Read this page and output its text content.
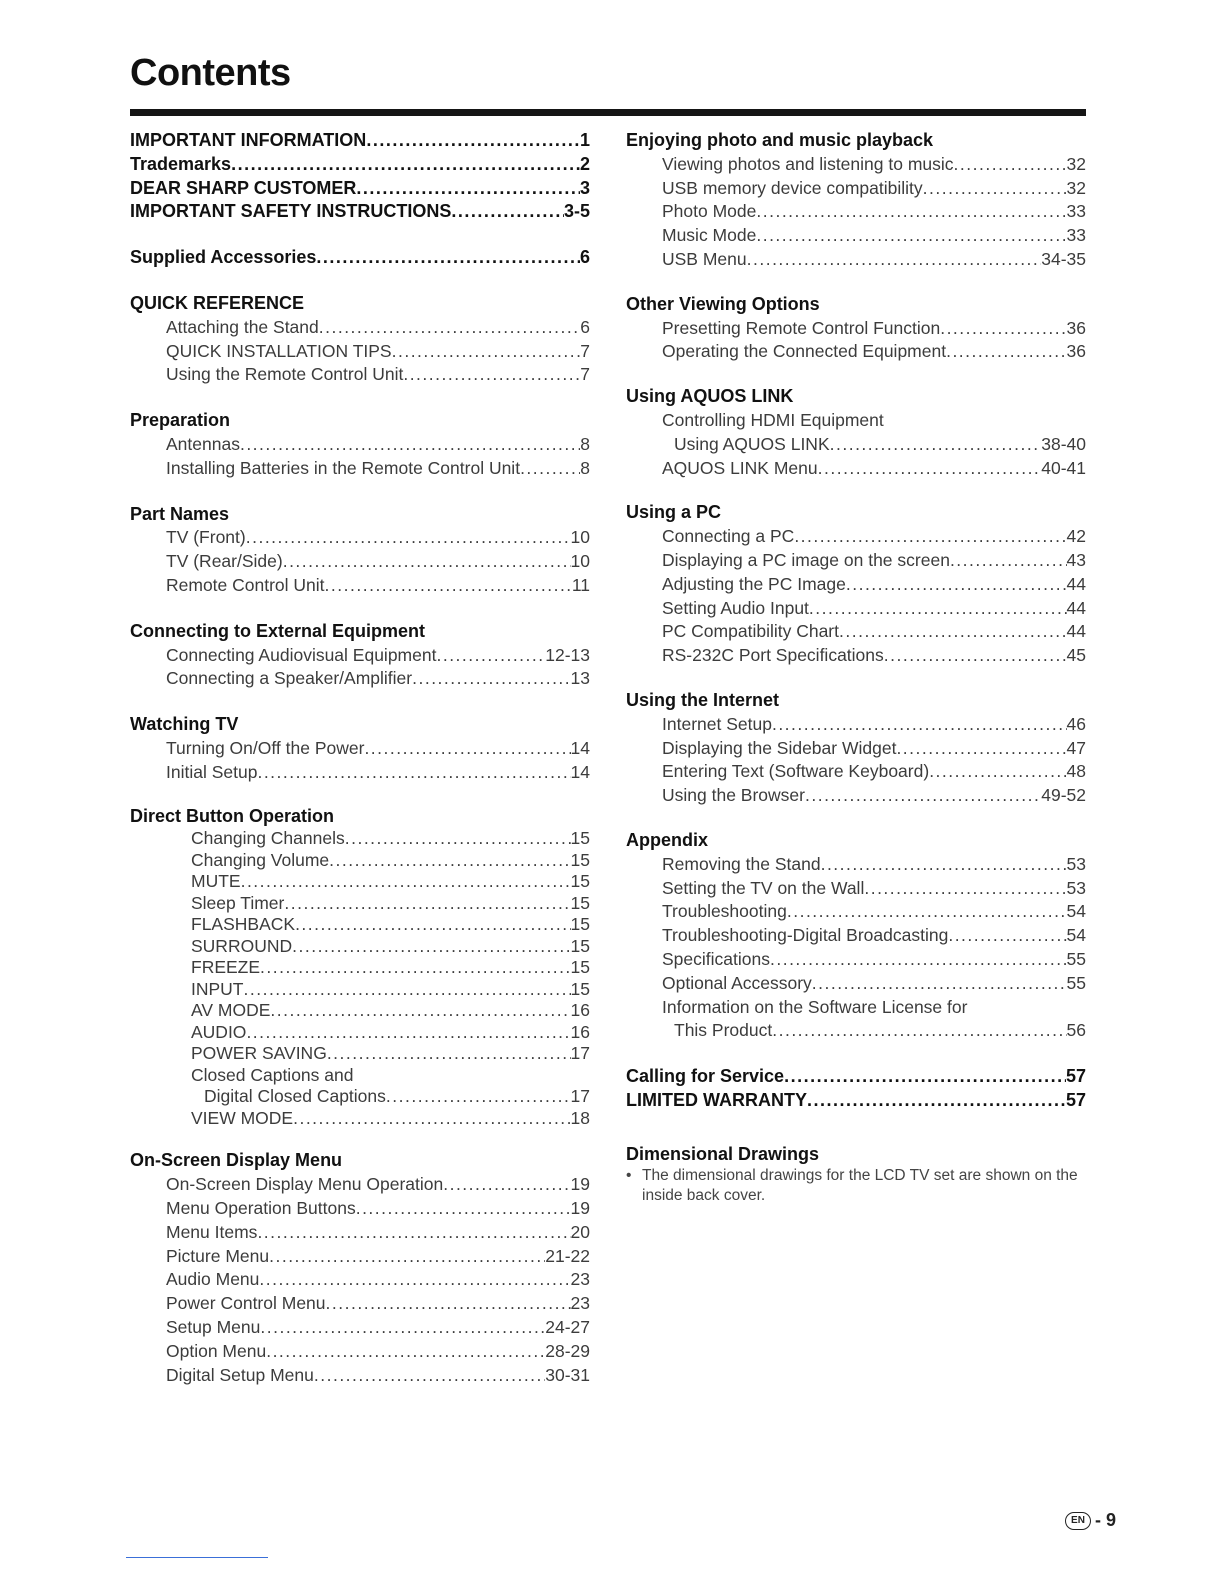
Contents
IMPORTANT INFORMATION .....	1
Trademarks .....	2
DEAR SHARP CUSTOMER .....	3
IMPORTANT SAFETY INSTRUCTIONS .....	3-5
Supplied Accessories .....	6
QUICK REFERENCE
Attaching the Stand .....	6
QUICK INSTALLATION TIPS .....	7
Using the Remote Control Unit .....	7
Preparation
Antennas .....	8
Installing Batteries in the Remote Control Unit .....	8
Part Names
TV (Front) .....	10
TV (Rear/Side) .....	10
Remote Control Unit .....	11
Connecting to External Equipment
Connecting Audiovisual Equipment .....	12-13
Connecting a Speaker/Amplifier .....	13
Watching TV
Turning On/Off the Power .....	14
Initial Setup .....	14
Direct Button Operation
Changing Channels .....	15
Changing Volume .....	15
MUTE .....	15
Sleep Timer .....	15
FLASHBACK .....	15
SURROUND .....	15
FREEZE .....	15
INPUT .....	15
AV MODE .....	16
AUDIO .....	16
POWER SAVING .....	17
Closed Captions and
Digital Closed Captions .....	17
VIEW MODE .....	18
On-Screen Display Menu
On-Screen Display Menu Operation .....	19
Menu Operation Buttons .....	19
Menu Items .....	20
Picture Menu .....	21-22
Audio Menu .....	23
Power Control Menu .....	23
Setup Menu .....	24-27
Option Menu .....	28-29
Digital Setup Menu .....	30-31
Enjoying photo and music playback
Viewing photos and listening to music .....	32
USB memory device compatibility .....	32
Photo Mode .....	33
Music Mode .....	33
USB Menu .....	34-35
Other Viewing Options
Presetting Remote Control Function .....	36
Operating the Connected Equipment .....	36
Using AQUOS LINK
Controlling HDMI Equipment
Using AQUOS LINK .....	38-40
AQUOS LINK Menu .....	40-41
Using a PC
Connecting a PC .....	42
Displaying a PC image on the screen .....	43
Adjusting the PC Image .....	44
Setting Audio Input .....	44
PC Compatibility Chart .....	44
RS-232C Port Specifications .....	45
Using the Internet
Internet Setup .....	46
Displaying the Sidebar Widget .....	47
Entering Text (Software Keyboard) .....	48
Using the Browser .....	49-52
Appendix
Removing the Stand .....	53
Setting the TV on the Wall .....	53
Troubleshooting .....	54
Troubleshooting-Digital Broadcasting .....	54
Specifications .....	55
Optional Accessory .....	55
Information on the Software License for
This Product .....	56
Calling for Service .....	57
LIMITED WARRANTY .....	57
Dimensional Drawings
• The dimensional drawings for the LCD TV set are shown on the inside back cover.
EN - 9
